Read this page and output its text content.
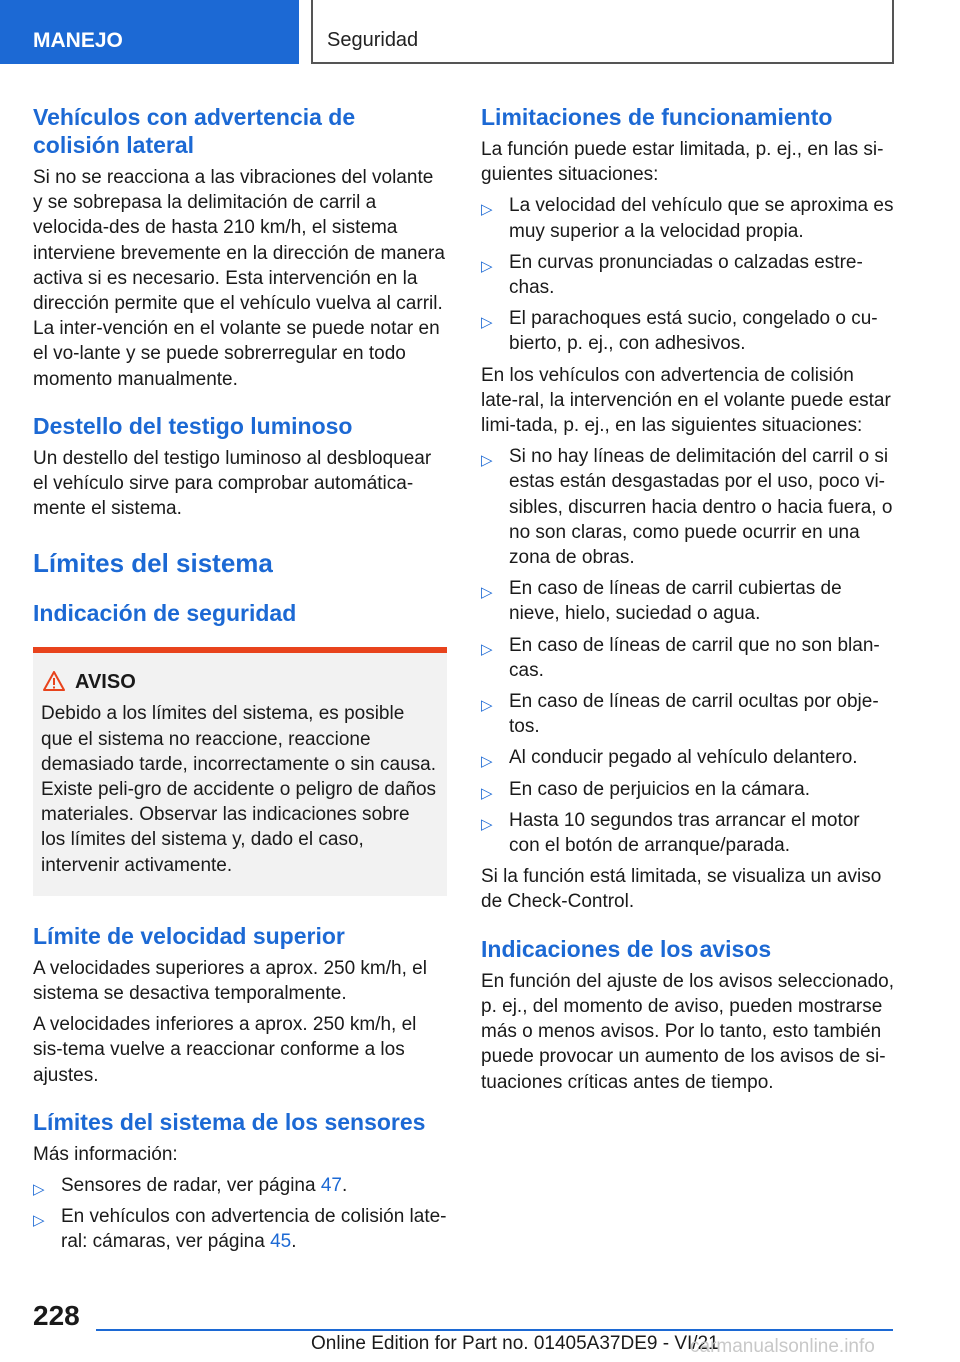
MANEJO	Seguridad
Vehículos con advertencia de colisión lateral

Si no se reacciona a las vibraciones del volante y se sobrepasa la delimitación de carril a velocida-des de hasta 210 km/h, el sistema interviene brevemente en la dirección de manera activa si es necesario. Esta intervención en la dirección permite que el vehículo vuelva al carril. La inter-vención en el volante se puede notar en el vo-lante y se puede sobrerregular en todo momento manualmente.

Destello del testigo luminoso

Un destello del testigo luminoso al desbloquear el vehículo sirve para comprobar automática-mente el sistema.

Límites del sistema
Indicación de seguridad
AVISO

Debido a los límites del sistema, es posible que el sistema no reaccione, reaccione demasiado tarde, incorrectamente o sin causa. Existe peli-gro de accidente o peligro de daños materiales. Observar las indicaciones sobre los límites del sistema y, dado el caso, intervenir activamente.

Límite de velocidad superior

A velocidades superiores a aprox. 250 km/h, el sistema se desactiva temporalmente.

A velocidades inferiores a aprox. 250 km/h, el sis-tema vuelve a reaccionar conforme a los ajustes.

Límites del sistema de los sensores

Más información:

▷ Sensores de radar, ver página 47.
▷ En vehículos con advertencia de colisión late-ral: cámaras, ver página 45.
Limitaciones de funcionamiento

La función puede estar limitada, p. ej., en las si-guientes situaciones:

▷ La velocidad del vehículo que se aproxima es muy superior a la velocidad propia.
▷ En curvas pronunciadas o calzadas estre-chas.
▷ El parachoques está sucio, congelado o cu-bierto, p. ej., con adhesivos.

En los vehículos con advertencia de colisión late-ral, la intervención en el volante puede estar limi-tada, p. ej., en las siguientes situaciones:

▷ Si no hay líneas de delimitación del carril o si estas están desgastadas por el uso, poco vi-sibles, discurren hacia dentro o hacia fuera, o no son claras, como puede ocurrir en una zona de obras.
▷ En caso de líneas de carril cubiertas de nieve, hielo, suciedad o agua.
▷ En caso de líneas de carril que no son blan-cas.
▷ En caso de líneas de carril ocultas por obje-tos.
▷ Al conducir pegado al vehículo delantero.
▷ En caso de perjuicios en la cámara.
▷ Hasta 10 segundos tras arrancar el motor con el botón de arranque/parada.

Si la función está limitada, se visualiza un aviso de Check-Control.

Indicaciones de los avisos

En función del ajuste de los avisos seleccionado, p. ej., del momento de aviso, pueden mostrarse más o menos avisos. Por lo tanto, esto también puede provocar un aumento de los avisos de si-tuaciones críticas antes de tiempo.

228
Online Edition for Part no. 01405A37DE9 - VI/21
carmanualsonline.info
